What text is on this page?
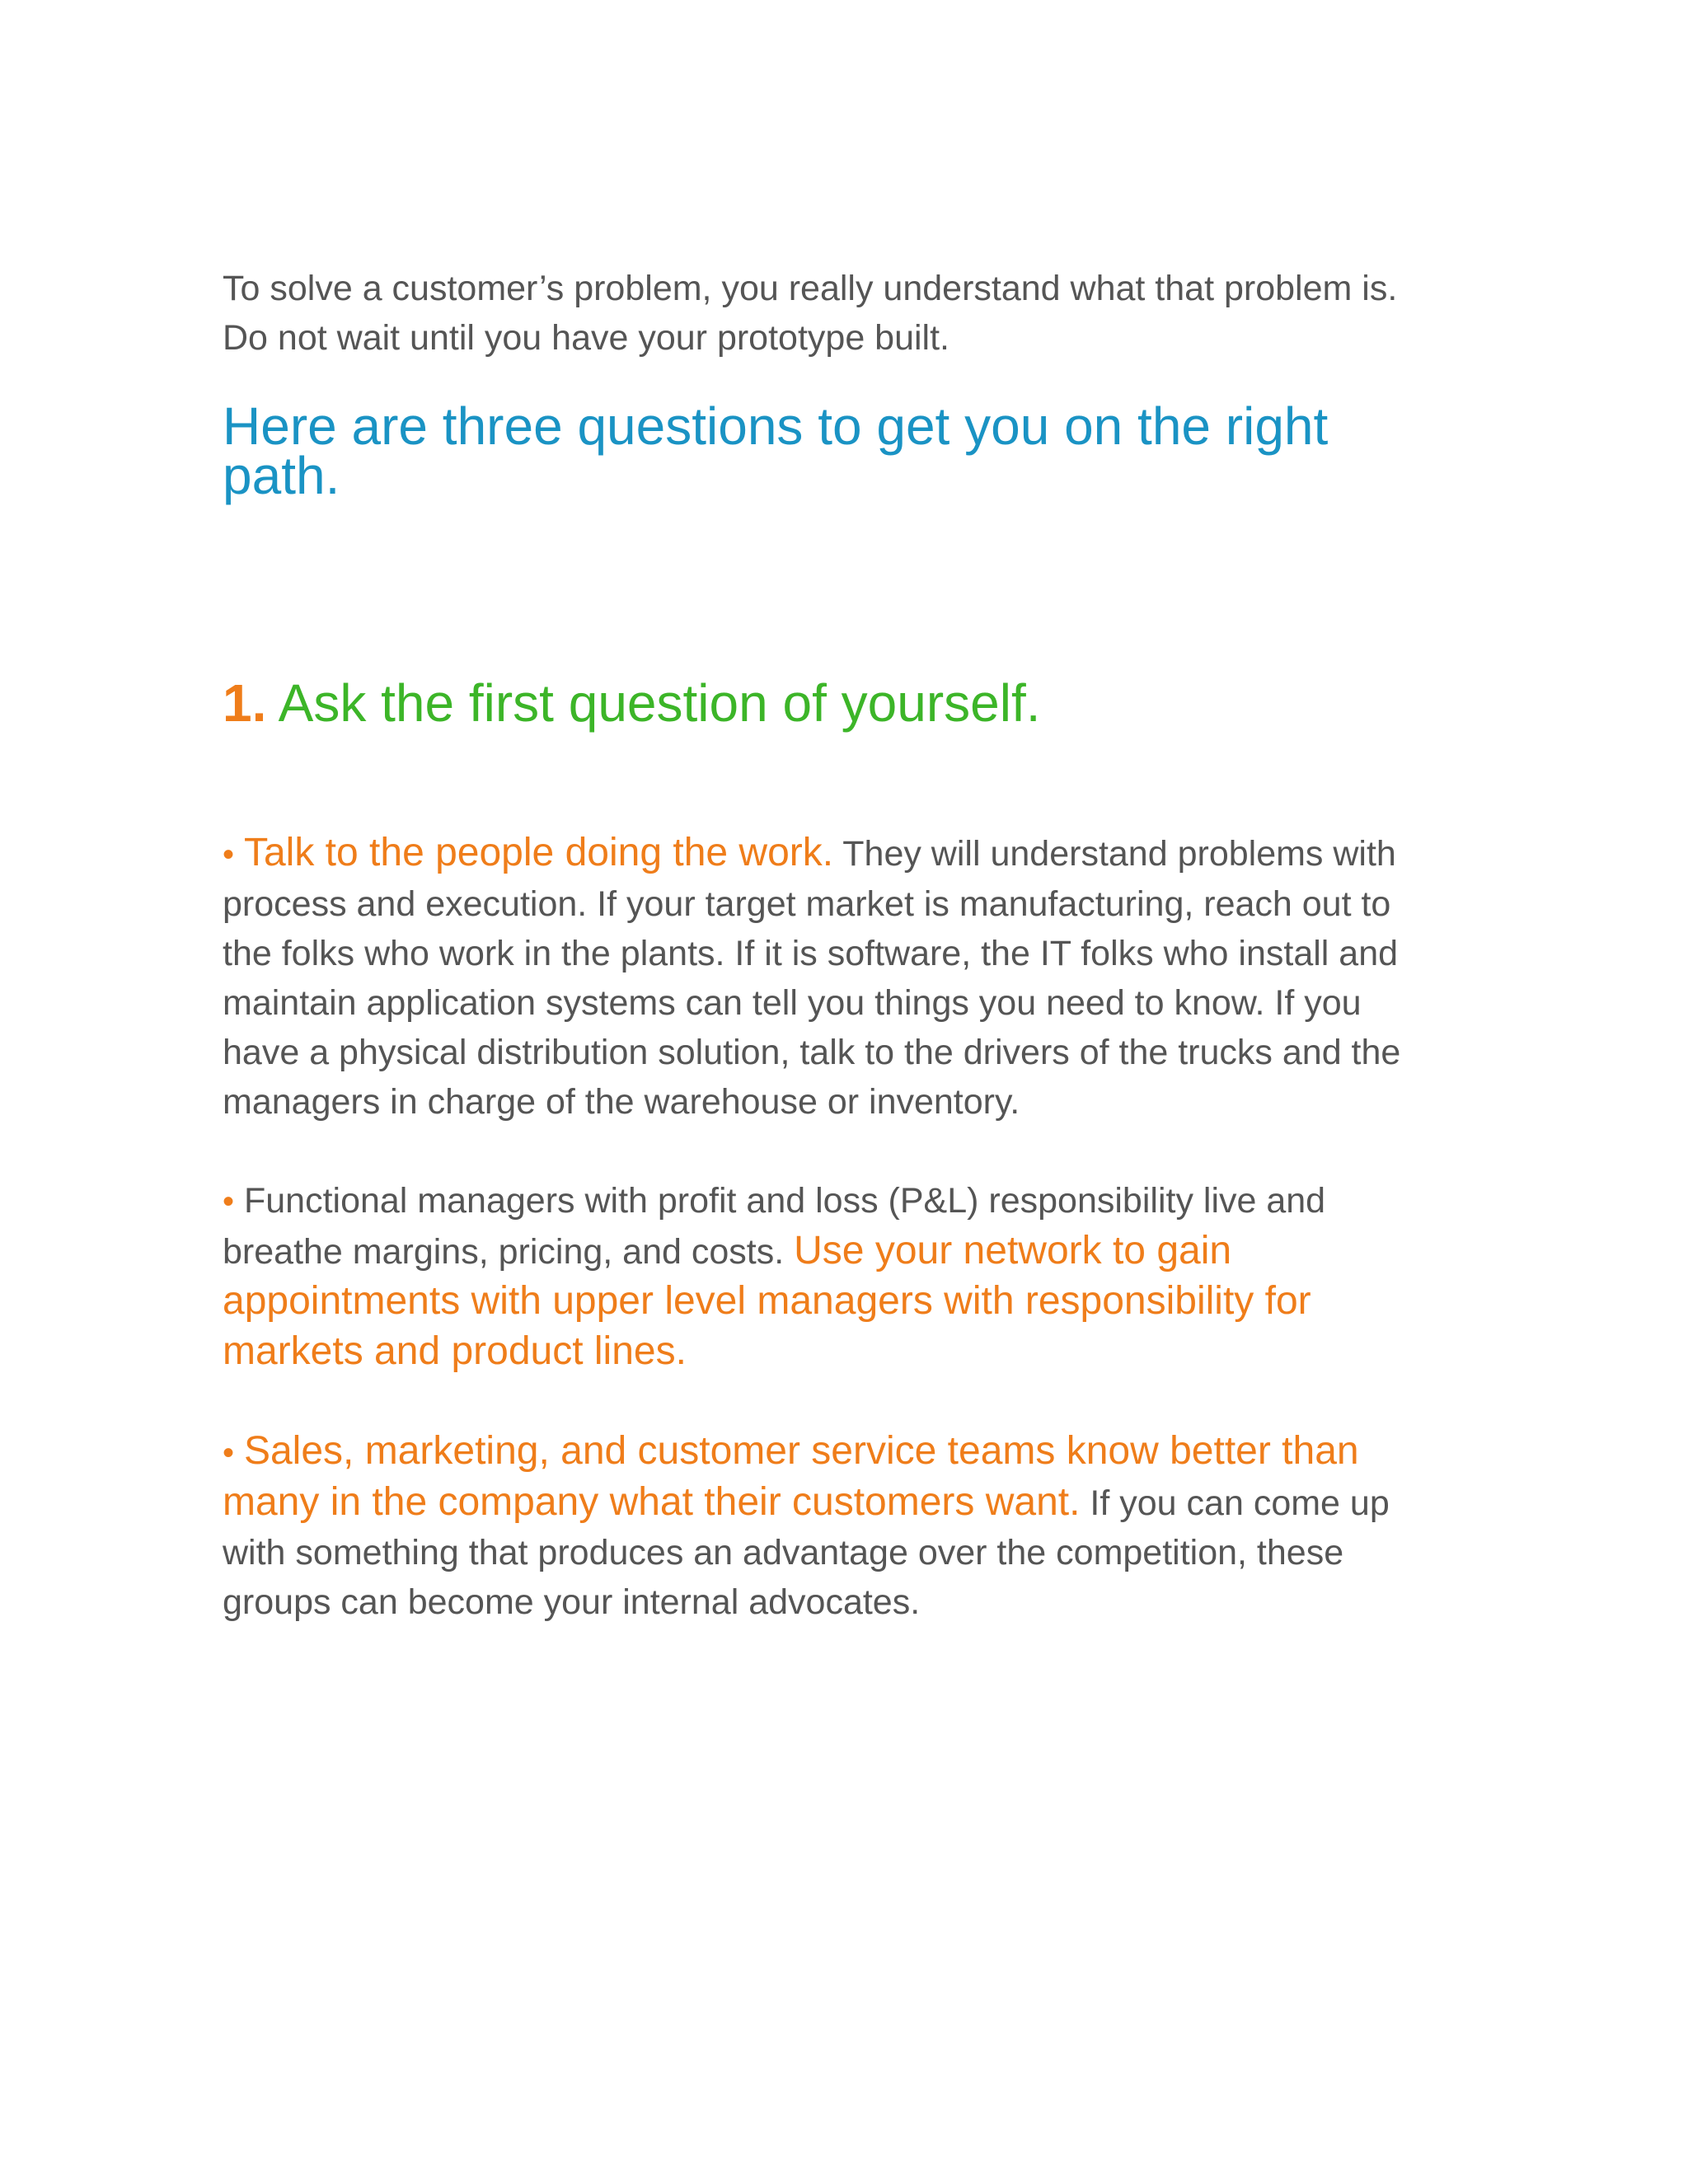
To solve a customer’s problem, you really understand what that problem is. Do not wait until you have your prototype built.

Here are three questions to get you on the right path.
1. Ask the first question of yourself.

• Talk to the people doing the work. They will understand problems with process and execution. If your target market is manufacturing, reach out to the folks who work in the plants. If it is software, the IT folks who install and maintain application systems can tell you things you need to know. If you have a physical distribution solution, talk to the drivers of the trucks and the managers in charge of the warehouse or inventory.

• Functional managers with profit and loss (P&L) responsibility live and breathe margins, pricing, and costs. Use your network to gain appointments with upper level managers with responsibility for markets and product lines.

• Sales, marketing, and customer service teams know better than many in the company what their customers want. If you can come up with something that produces an advantage over the competition, these groups can become your internal advocates.
